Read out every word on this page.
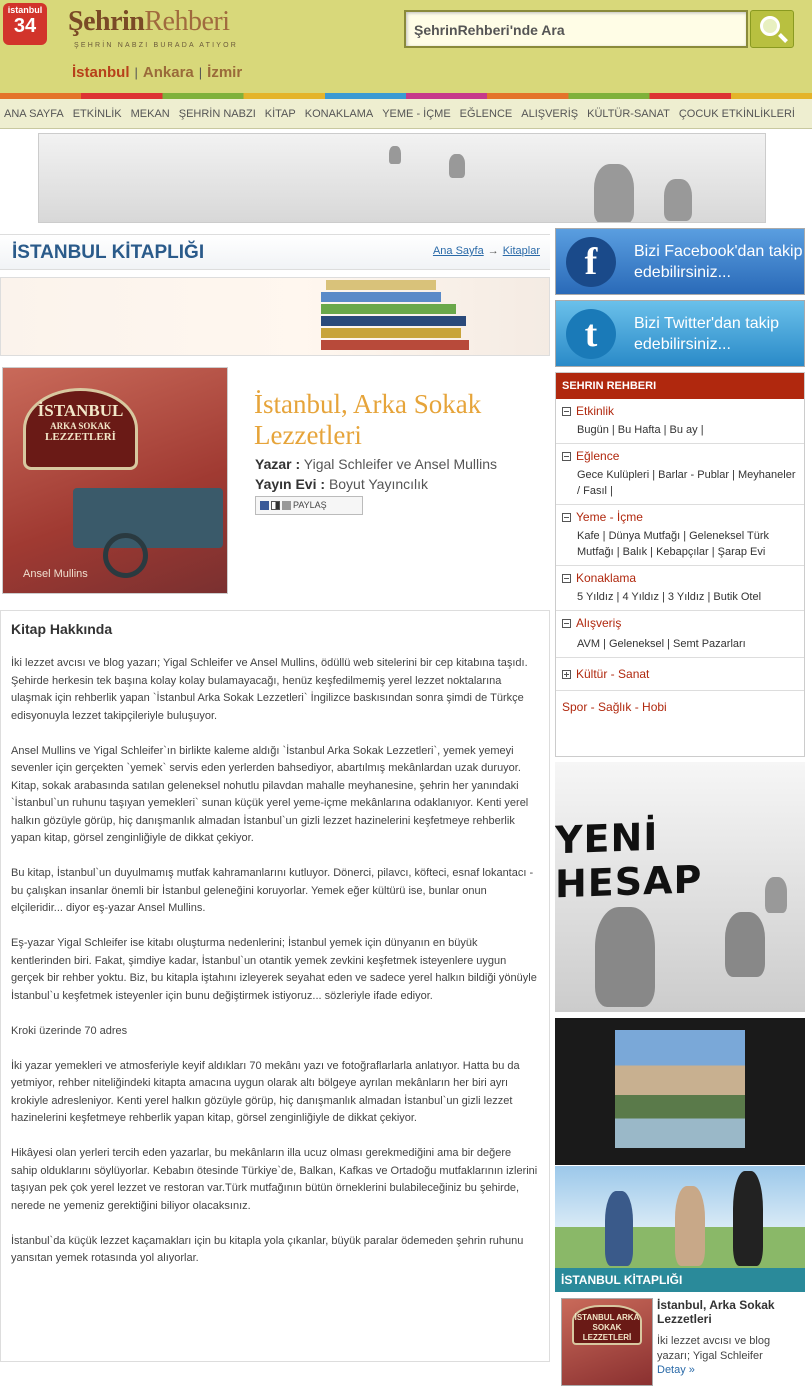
istanbul
34	ŞehrinRehberi
ŞEHRİN NABZI BURADA ATIYOR
İstanbul | Ankara | İzmir
ŞehrinRehberi'nde Ara
ANA SAYFA ETKİNLİK MEKAN ŞEHRİN NABZI KİTAP KONAKLAMA YEME - İÇME EĞLENCE ALIŞVERİŞ KÜLTÜR-SANAT ÇOCUK ETKİNLİKLERİ
İSTANBUL KİTAPLIĞI	Ana Sayfa → Kitaplar
İSTANBUL
ARKA SOKAK
LEZZETLERİ
Ansel Mullins
İstanbul, Arka Sokak Lezzetleri
Yazar : Yigal Schleifer ve Ansel Mullins
Yayın Evi : Boyut Yayıncılık
PAYLAŞ
Kitap Hakkında

İki lezzet avcısı ve blog yazarı; Yigal Schleifer ve Ansel Mullins, ödüllü web sitelerini bir cep kitabına taşıdı. Şehirde herkesin tek başına kolay kolay bulamayacağı, henüz keşfedilmemiş yerel lezzet noktalarına ulaşmak için rehberlik yapan `İstanbul Arka Sokak Lezzetleri` İngilizce baskısından sonra şimdi de Türkçe edisyonuyla lezzet takipçileriyle buluşuyor.

Ansel Mullins ve Yigal Schleifer`ın birlikte kaleme aldığı `İstanbul Arka Sokak Lezzetleri`, yemek yemeyi sevenler için gerçekten `yemek` servis eden yerlerden bahsediyor, abartılmış mekânlardan uzak duruyor. Kitap, sokak arabasında satılan geleneksel nohutlu pilavdan mahalle meyhanesine, şehrin her yanındaki `İstanbul`un ruhunu taşıyan yemekleri` sunan küçük yerel yeme-içme mekânlarına odaklanıyor. Kenti yerel halkın gözüyle görüp, hiç danışmanlık almadan İstanbul`un gizli lezzet hazinelerini keşfetmeye rehberlik yapan kitap, görsel zenginliğiyle de dikkat çekiyor.

Bu kitap, İstanbul`un duyulmamış mutfak kahramanlarını kutluyor. Dönerci, pilavcı, köfteci, esnaf lokantacı - bu çalışkan insanlar önemli bir İstanbul geleneğini koruyorlar. Yemek eğer kültürü ise, bunlar onun elçileridir... diyor eş-yazar Ansel Mullins.

Eş-yazar Yigal Schleifer ise kitabı oluşturma nedenlerini; İstanbul yemek için dünyanın en büyük kentlerinden biri. Fakat, şimdiye kadar, İstanbul`un otantik yemek zevkini keşfetmek isteyenlere uygun gerçek bir rehber yoktu. Biz, bu kitapla iştahını izleyerek seyahat eden ve sadece yerel halkın bildiği yönüyle İstanbul`u keşfetmek isteyenler için bunu değiştirmek istiyoruz... sözleriyle ifade ediyor.

Kroki üzerinde 70 adres

İki yazar yemekleri ve atmosferiyle keyif aldıkları 70 mekânı yazı ve fotoğraflarlarla anlatıyor. Hatta bu da yetmiyor, rehber niteliğindeki kitapta amacına uygun olarak altı bölgeye ayrılan mekânların her biri ayrı krokiyle adresleniyor. Kenti yerel halkın gözüyle görüp, hiç danışmanlık almadan İstanbul`un gizli lezzet hazinelerini keşfetmeye rehberlik yapan kitap, görsel zenginliğiyle de dikkat çekiyor.

Hikâyesi olan yerleri tercih eden yazarlar, bu mekânların illa ucuz olması gerekmediğini ama bir değere sahip olduklarını söylüyorlar. Kebabın ötesinde Türkiye`de, Balkan, Kafkas ve Ortadoğu mutfaklarının izlerini taşıyan pek çok yerel lezzet ve restoran var.Türk mutfağının bütün örneklerini bulabileceğiniz bu şehirde, nerede ne yemeniz gerektiğini biliyor olacaksınız.

İstanbul`da küçük lezzet kaçamakları için bu kitapla yola çıkanlar, büyük paralar ödemeden şehrin ruhunu yansıtan yemek rotasında yol alıyorlar.

f	Bizi Facebook'dan takip edebilirsiniz...
t	Bizi Twitter'dan takip edebilirsiniz...
SEHRIN REHBERI
Etkinlik
Bugün | Bu Hafta | Bu ay |
Eğlence
Gece Kulüpleri | Barlar - Publar | Meyhaneler / Fasıl |
Yeme - İçme
Kafe | Dünya Mutfağı | Geleneksel Türk Mutfağı | Balık | Kebapçılar | Şarap Evi
Konaklama
5 Yıldız | 4 Yıldız | 3 Yıldız | Butik Otel
Alışveriş
AVM | Geleneksel | Semt Pazarları
Kültür - Sanat
Spor - Sağlık - Hobi
YENİ HESAP
İSTANBUL KİTAPLIĞI
İSTANBUL ARKA SOKAK LEZZETLERİ
İstanbul, Arka Sokak Lezzetleri
İki lezzet avcısı ve blog yazarı; Yigal Schleifer
Detay »
